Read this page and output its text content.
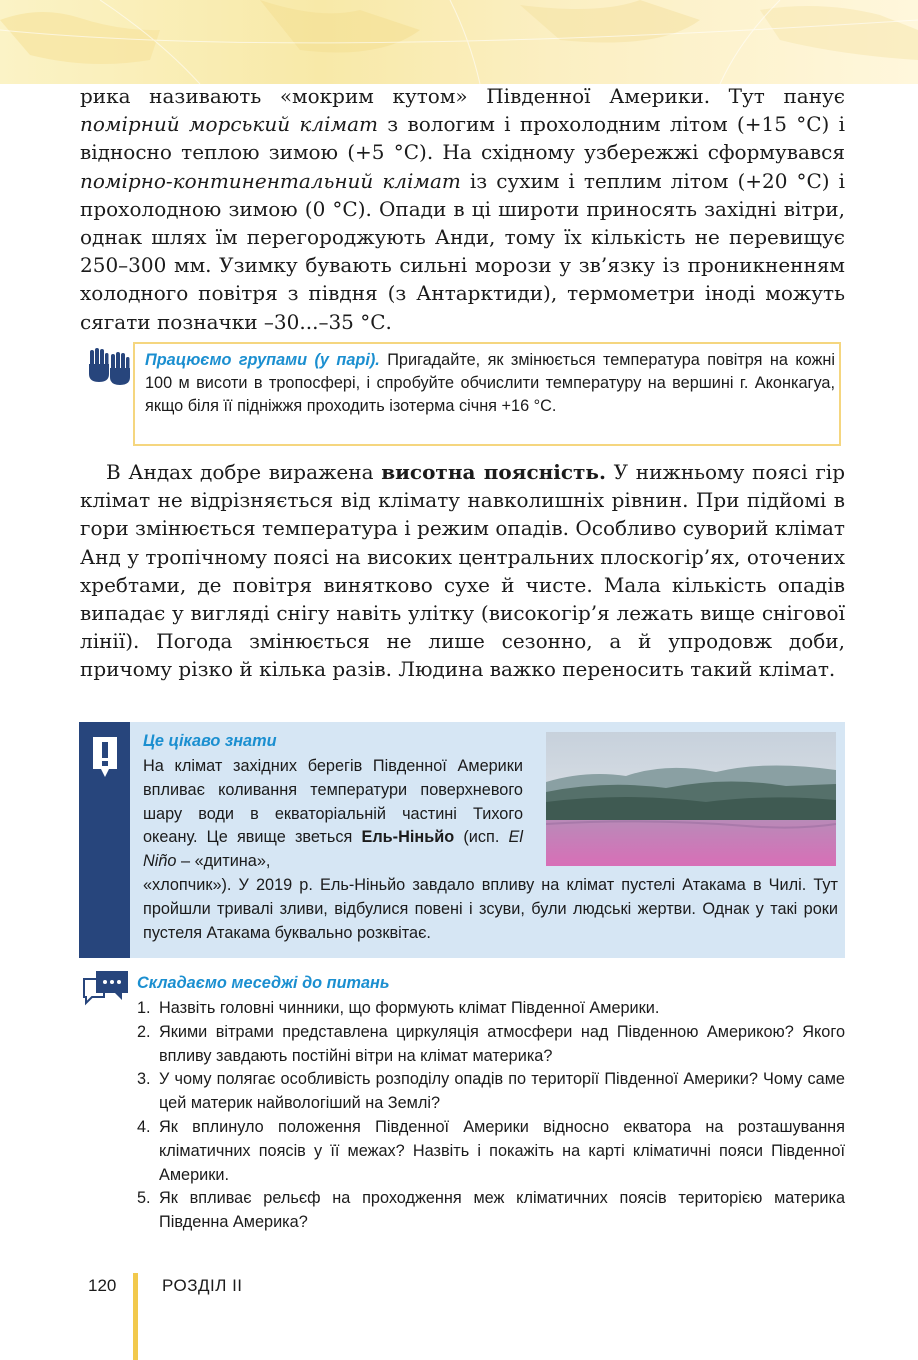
рика називають «мокрим кутом» Південної Америки. Тут панує помірний морський клімат з вологим і прохолодним літом (+15 °С) і відносно теплою зимою (+5 °С). На східному узбережжі сформувався помірно-континентальний клімат із сухим і теплим літом (+20 °С) і прохолодною зимою (0 °С). Опади в ці широти приносять західні вітри, однак шлях їм перегороджують Анди, тому їх кількість не перевищує 250–300 мм. Узимку бувають сильні морози у зв’язку із проникненням холодного повітря з півдня (з Антарктиди), термометри іноді можуть сягати позначки –30...–35 °С.

Працюємо групами (у парі). Пригадайте, як змінюється температура повітря на кожні 100 м висоти в тропосфері, і спробуйте обчислити температуру на вершині г. Аконкагуа, якщо біля її підніжжя проходить ізотерма січня +16 °С.

В Андах добре виражена висотна поясність. У нижньому поясі гір клімат не відрізняється від клімату навколишніх рівнин. При підйомі в гори змінюється температура і режим опадів. Особливо суворий клімат Анд у тропічному поясі на високих центральних плоскогір’ях, оточених хребтами, де повітря винятково сухе й чисте. Мала кількість опадів випадає у вигляді снігу навіть улітку (високогір’я лежать вище снігової лінії). Погода змінюється не лише сезонно, а й упродовж доби, причому різко й кілька разів. Людина важко переносить такий клімат.

Це цікаво знати

На клімат західних берегів Південної Америки впливає коливання температури поверхневого шару води в екваторіальній частині Тихого океану. Це явище зветься Ель-Ніньйо (исп. El Niño – «дитина»,

«хлопчик»). У 2019 р. Ель-Ніньйо завдало впливу на клімат пустелі Атакама в Чилі. Тут пройшли тривалі зливи, відбулися повені і зсуви, були людські жертви. Однак у такі роки пустеля Атакама буквально розквітає.

Складаємо меседжі до питань

1. Назвіть головні чинники, що формують клімат Південної Америки.
2. Якими вітрами представлена циркуляція атмосфери над Південною Америкою? Якого впливу завдають постійні вітри на клімат материка?
3. У чому полягає особливість розподілу опадів по території Південної Америки? Чому саме цей материк найвологіший на Землі?
4. Як вплинуло положення Південної Америки відносно екватора на розташування кліматичних поясів у її межах? Назвіть і покажіть на карті кліматичні пояси Південної Америки.
5. Як впливає рельєф на проходження меж кліматичних поясів територією материка Південна Америка?
120	РОЗДІЛ II
